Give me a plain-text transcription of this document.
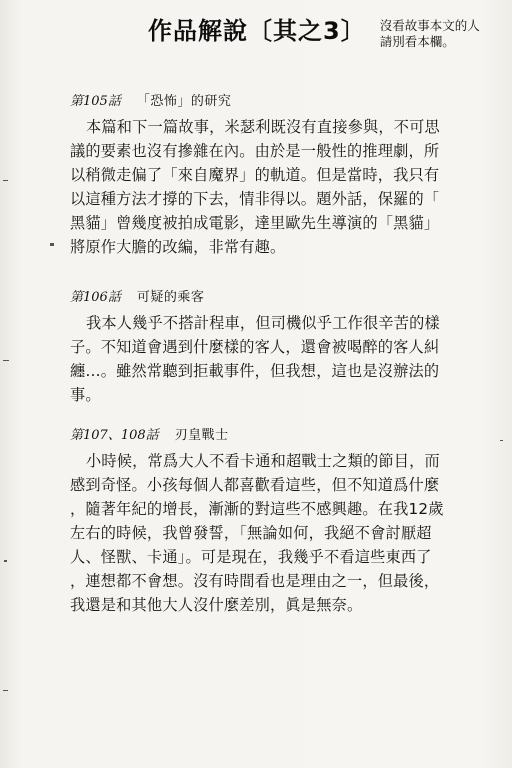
作品解說〔其之3〕 沒看故事本文的人請別看本欄。
第105話 「恐怖」的研究
本篇和下一篇故事，米瑟利既沒有直接參與，不可思
議的要素也沒有摻雜在內。由於是一般性的推理劇，所
以稍微走偏了「來自魔界」的軌道。但是當時，我只有
以這種方法才撐的下去，情非得以。題外話，保羅的「
黑貓」曾幾度被拍成電影，達里歐先生導演的「黑貓」
將原作大膽的改編，非常有趣。
第106話 可疑的乘客
我本人幾乎不搭計程車，但司機似乎工作很辛苦的樣
子。不知道會遇到什麼樣的客人，還會被喝醉的客人糾
纏…。雖然常聽到拒載事件，但我想，這也是沒辦法的
事。
第107、108話 刃皇戰士
小時候，常爲大人不看卡通和超戰士之類的節目，而
感到奇怪。小孩每個人都喜歡看這些，但不知道爲什麼
，隨著年紀的增長，漸漸的對這些不感興趣。在我12歲
左右的時候，我曾發誓，「無論如何，我絕不會討厭超
人、怪獸、卡通」。可是現在，我幾乎不看這些東西了
，連想都不會想。沒有時間看也是理由之一，但最後，
我還是和其他大人沒什麼差別，眞是無奈。
